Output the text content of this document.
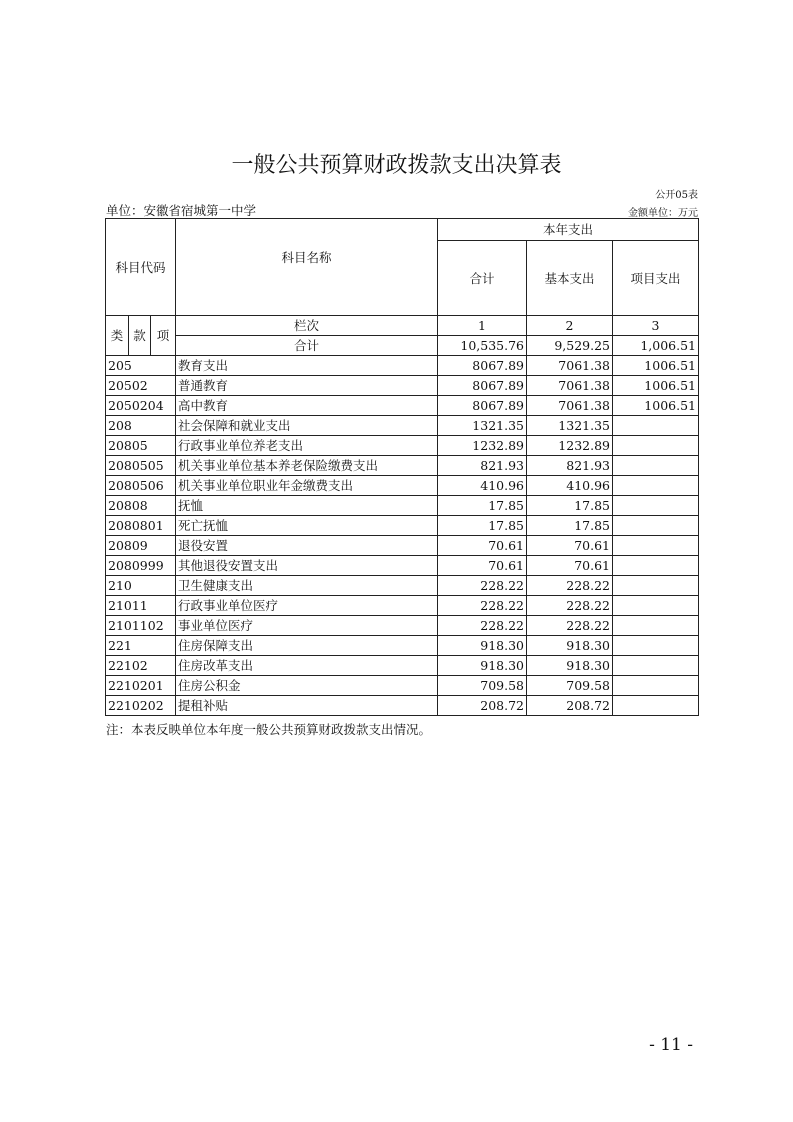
一般公共预算财政拨款支出决算表
公开05表
单位：安徽省宿城第一中学	金额单位：万元
科目代码			科目名称	本年支出		
				合计	基本支出	项目支出
类	款	项	栏次	1	2	3
			合计	10,535.76	9,529.25	1,006.51
205			教育支出	8067.89	7061.38	1006.51
20502			普通教育	8067.89	7061.38	1006.51
2050204			高中教育	8067.89	7061.38	1006.51
208			社会保障和就业支出	1321.35	1321.35	
20805			行政事业单位养老支出	1232.89	1232.89	
2080505			机关事业单位基本养老保险缴费支出	821.93	821.93	
2080506			机关事业单位职业年金缴费支出	410.96	410.96	
20808			抚恤	17.85	17.85	
2080801			死亡抚恤	17.85	17.85	
20809			退役安置	70.61	70.61	
2080999			其他退役安置支出	70.61	70.61	
210			卫生健康支出	228.22	228.22	
21011			行政事业单位医疗	228.22	228.22	
2101102			事业单位医疗	228.22	228.22	
221			住房保障支出	918.30	918.30	
22102			住房改革支出	918.30	918.30	
2210201			住房公积金	709.58	709.58	
2210202			提租补贴	208.72	208.72	
注：本表反映单位本年度一般公共预算财政拨款支出情况。
- 11 -
